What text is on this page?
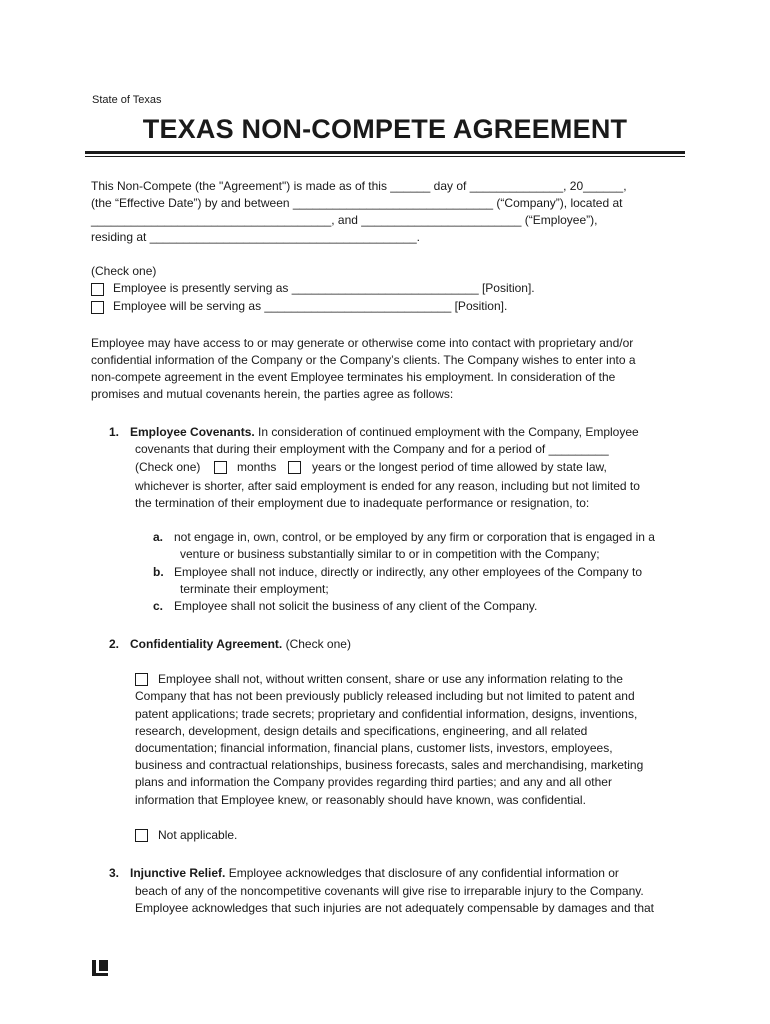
State of Texas
TEXAS NON-COMPETE AGREEMENT
This Non-Compete (the "Agreement") is made as of this ______ day of ______________, 20______,
(the “Effective Date”) by and between ______________________________ (“Company”), located at
____________________________________, and ________________________ (“Employee”),
residing at ________________________________________.
(Check one)
Employee is presently serving as ____________________________ [Position].
Employee will be serving as ____________________________ [Position].
Employee may have access to or may generate or otherwise come into contact with proprietary and/or
confidential information of the Company or the Company’s clients. The Company wishes to enter into a
non-compete agreement in the event Employee terminates his employment. In consideration of the
promises and mutual covenants herein, the parties agree as follows:
1. Employee Covenants. In consideration of continued employment with the Company, Employee
covenants that during their employment with the Company and for a period of _________
(Check one)	months	years or the longest period of time allowed by state law,
whichever is shorter, after said employment is ended for any reason, including but not limited to
the termination of their employment due to inadequate performance or resignation, to:
a. not engage in, own, control, or be employed by any firm or corporation that is engaged in a
venture or business substantially similar to or in competition with the Company;
b. Employee shall not induce, directly or indirectly, any other employees of the Company to
terminate their employment;
c. Employee shall not solicit the business of any client of the Company.
2. Confidentiality Agreement. (Check one)
Employee shall not, without written consent, share or use any information relating to the
Company that has not been previously publicly released including but not limited to patent and
patent applications; trade secrets; proprietary and confidential information, designs, inventions,
research, development, design details and specifications, engineering, and all related
documentation; financial information, financial plans, customer lists, investors, employees,
business and contractual relationships, business forecasts, sales and merchandising, marketing
plans and information the Company provides regarding third parties; and any and all other
information that Employee knew, or reasonably should have known, was confidential.
Not applicable.
3. Injunctive Relief. Employee acknowledges that disclosure of any confidential information or
beach of any of the noncompetitive covenants will give rise to irreparable injury to the Company.
Employee acknowledges that such injuries are not adequately compensable by damages and that
